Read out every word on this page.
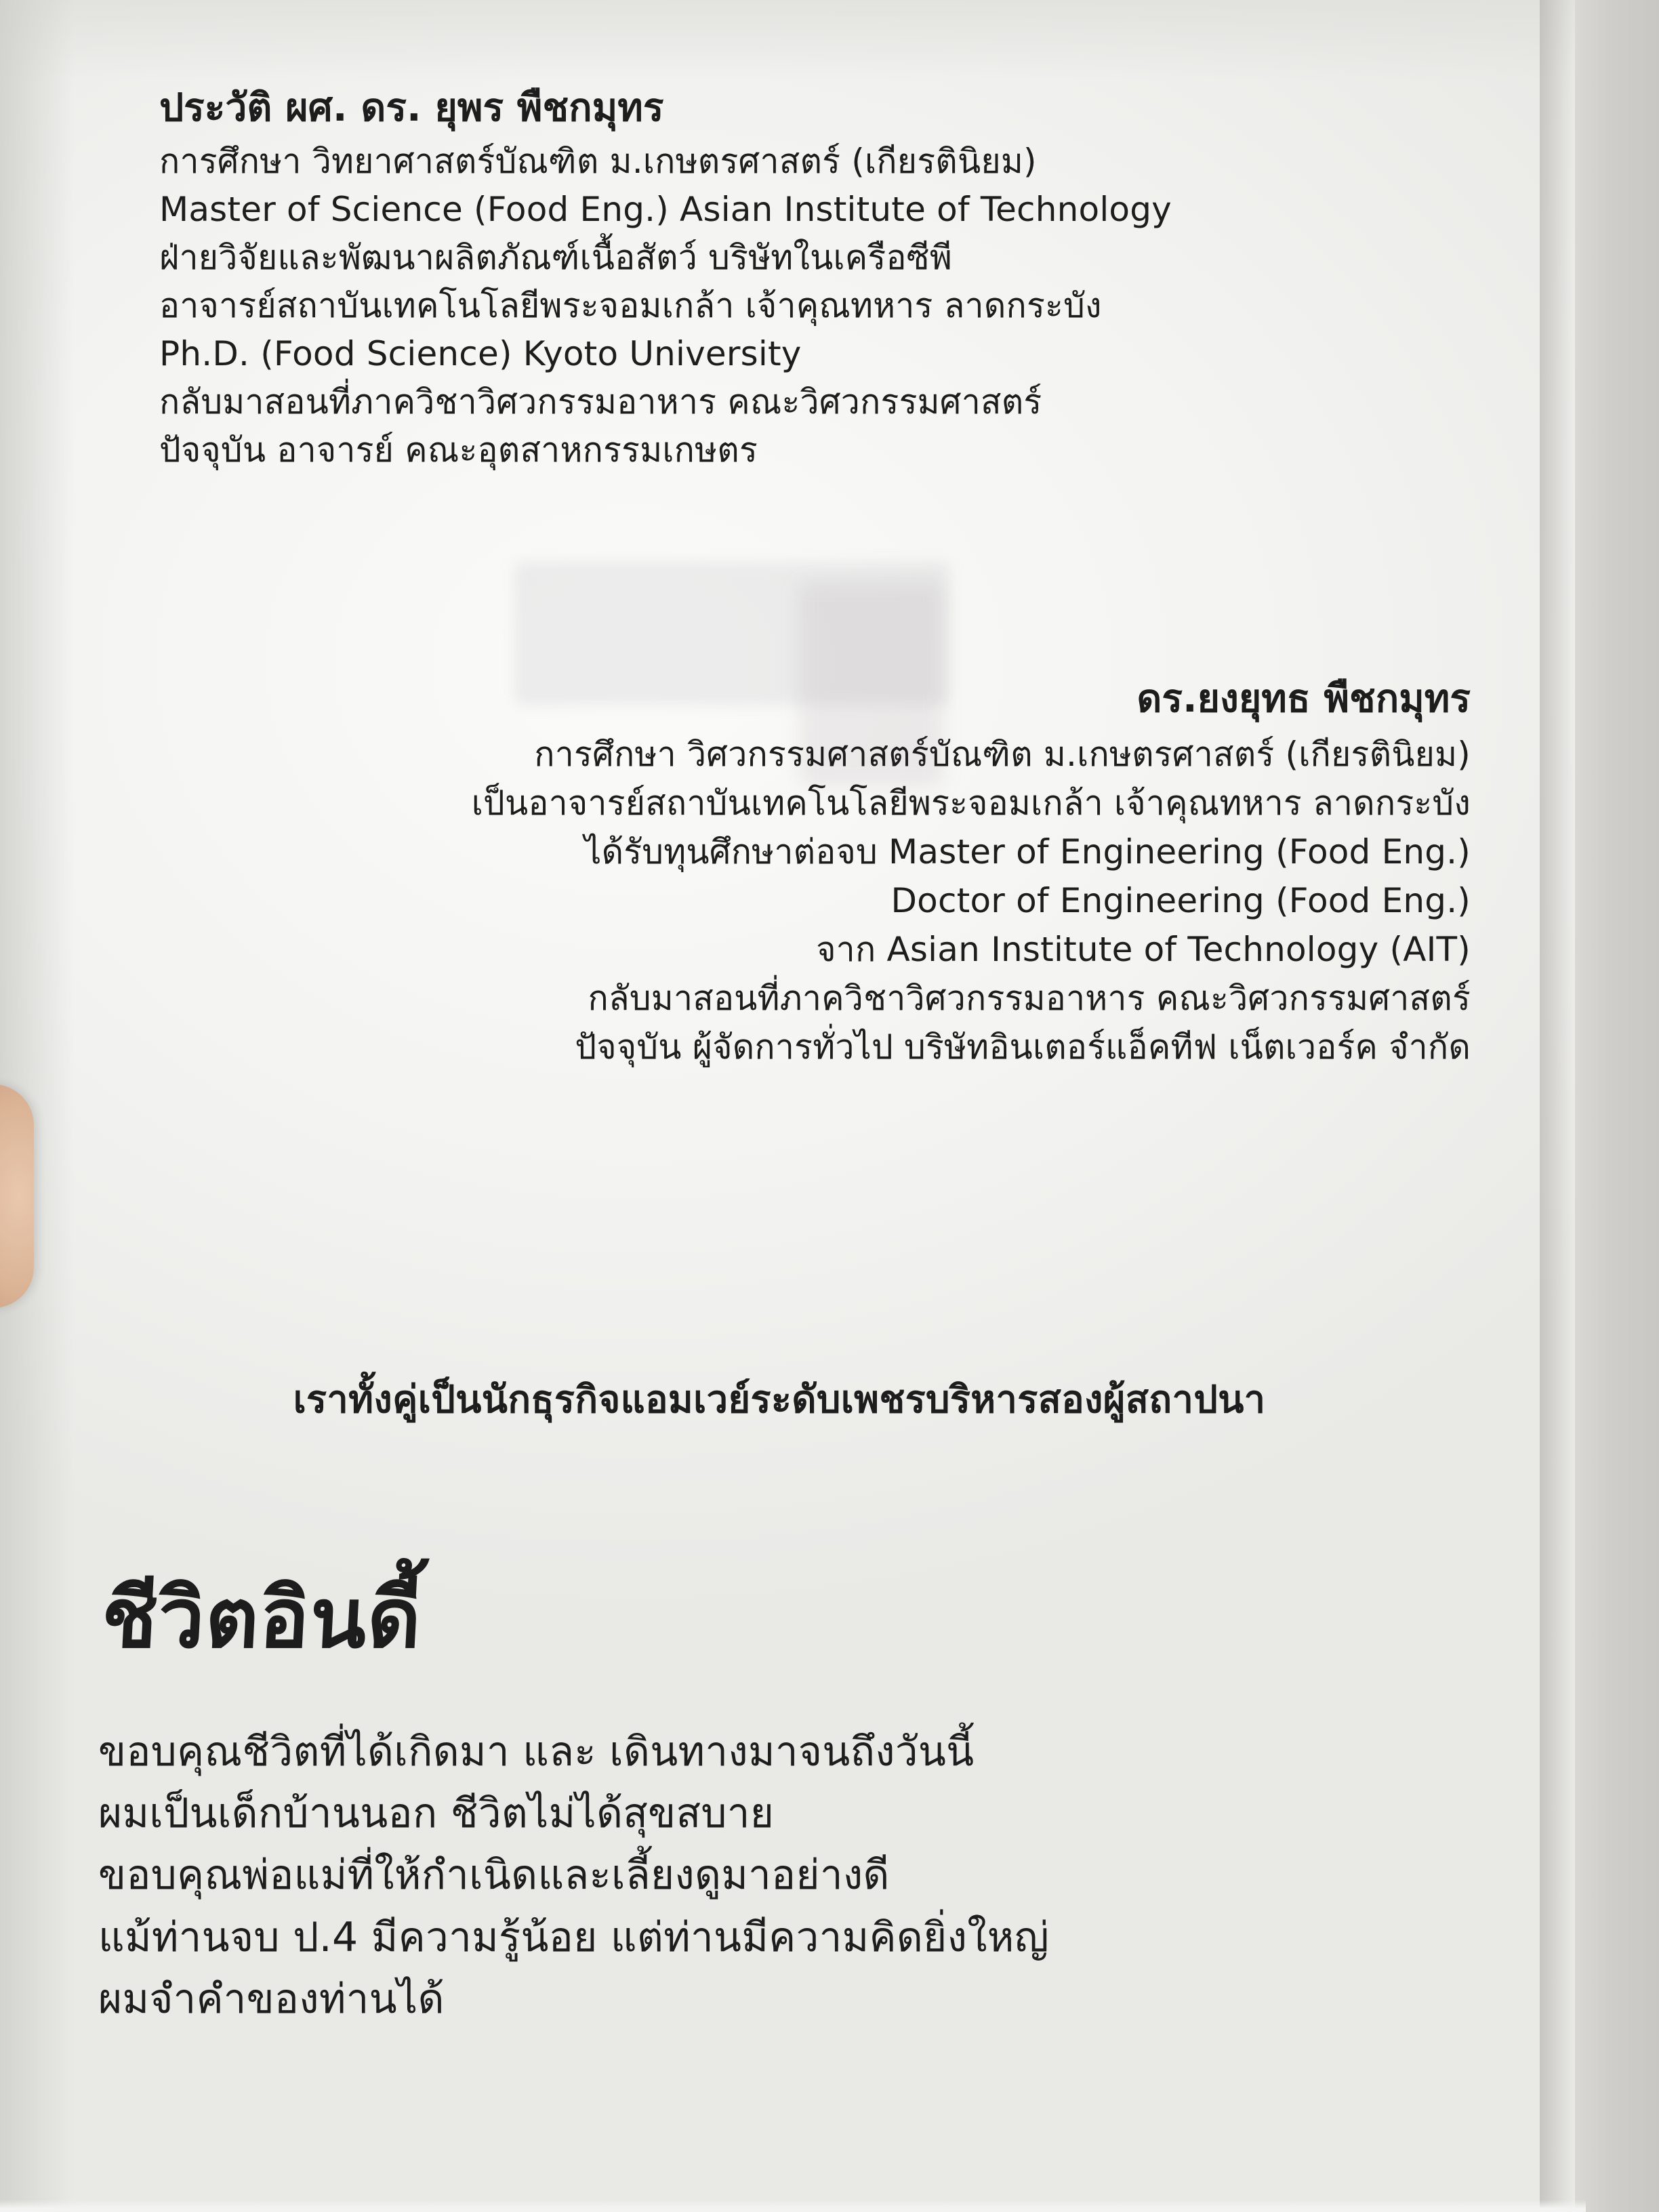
ประวัติ ผศ. ดร. ยุพร พืชกมุทร
การศึกษา วิทยาศาสตร์บัณฑิต ม.เกษตรศาสตร์ (เกียรตินิยม)
Master of Science (Food Eng.) Asian Institute of Technology
ฝ่ายวิจัยและพัฒนาผลิตภัณฑ์เนื้อสัตว์ บริษัทในเครือซีพี
อาจารย์สถาบันเทคโนโลยีพระจอมเกล้า เจ้าคุณทหาร ลาดกระบัง
Ph.D. (Food Science) Kyoto University
กลับมาสอนที่ภาควิชาวิศวกรรมอาหาร คณะวิศวกรรมศาสตร์
ปัจจุบัน อาจารย์ คณะอุตสาหกรรมเกษตร
ดร.ยงยุทธ พืชกมุทร
การศึกษา วิศวกรรมศาสตร์บัณฑิต ม.เกษตรศาสตร์ (เกียรตินิยม)
เป็นอาจารย์สถาบันเทคโนโลยีพระจอมเกล้า เจ้าคุณทหาร ลาดกระบัง
ได้รับทุนศึกษาต่อจบ Master of Engineering (Food Eng.)
Doctor of Engineering (Food Eng.)
จาก Asian Institute of Technology (AIT)
กลับมาสอนที่ภาควิชาวิศวกรรมอาหาร คณะวิศวกรรมศาสตร์
ปัจจุบัน ผู้จัดการทั่วไป บริษัทอินเตอร์แอ็คทีฟ เน็ตเวอร์ค จำกัด
เราทั้งคู่เป็นนักธุรกิจแอมเวย์ระดับเพชรบริหารสองผู้สถาปนา
ชีวิตอินดี้
ขอบคุณชีวิตที่ได้เกิดมา และ เดินทางมาจนถึงวันนี้
ผมเป็นเด็กบ้านนอก ชีวิตไม่ได้สุขสบาย
ขอบคุณพ่อแม่ที่ให้กำเนิดและเลี้ยงดูมาอย่างดี
แม้ท่านจบ ป.4 มีความรู้น้อย แต่ท่านมีความคิดยิ่งใหญ่
ผมจำคำของท่านได้
